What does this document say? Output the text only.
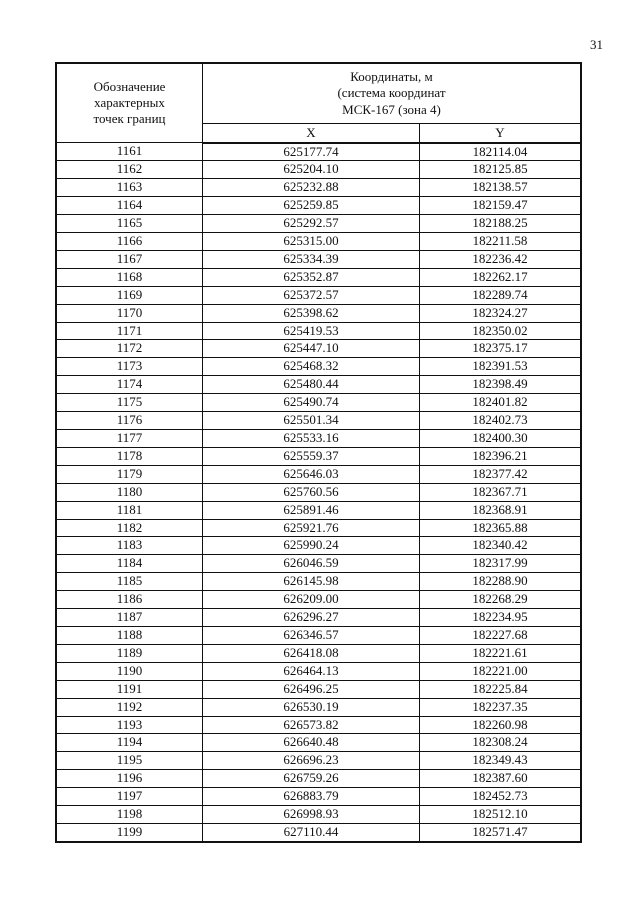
31
Обозначение
характерных
точек границ	Координаты, м
(система координат
МСК-167 (зона 4)	

	X	Y
1161	625177.74	182114.04
1162	625204.10	182125.85
1163	625232.88	182138.57
1164	625259.85	182159.47
1165	625292.57	182188.25
1166	625315.00	182211.58
1167	625334.39	182236.42
1168	625352.87	182262.17
1169	625372.57	182289.74
1170	625398.62	182324.27
1171	625419.53	182350.02
1172	625447.10	182375.17
1173	625468.32	182391.53
1174	625480.44	182398.49
1175	625490.74	182401.82
1176	625501.34	182402.73
1177	625533.16	182400.30
1178	625559.37	182396.21
1179	625646.03	182377.42
1180	625760.56	182367.71
1181	625891.46	182368.91
1182	625921.76	182365.88
1183	625990.24	182340.42
1184	626046.59	182317.99
1185	626145.98	182288.90
1186	626209.00	182268.29
1187	626296.27	182234.95
1188	626346.57	182227.68
1189	626418.08	182221.61
1190	626464.13	182221.00
1191	626496.25	182225.84
1192	626530.19	182237.35
1193	626573.82	182260.98
1194	626640.48	182308.24
1195	626696.23	182349.43
1196	626759.26	182387.60
1197	626883.79	182452.73
1198	626998.93	182512.10
1199	627110.44	182571.47
